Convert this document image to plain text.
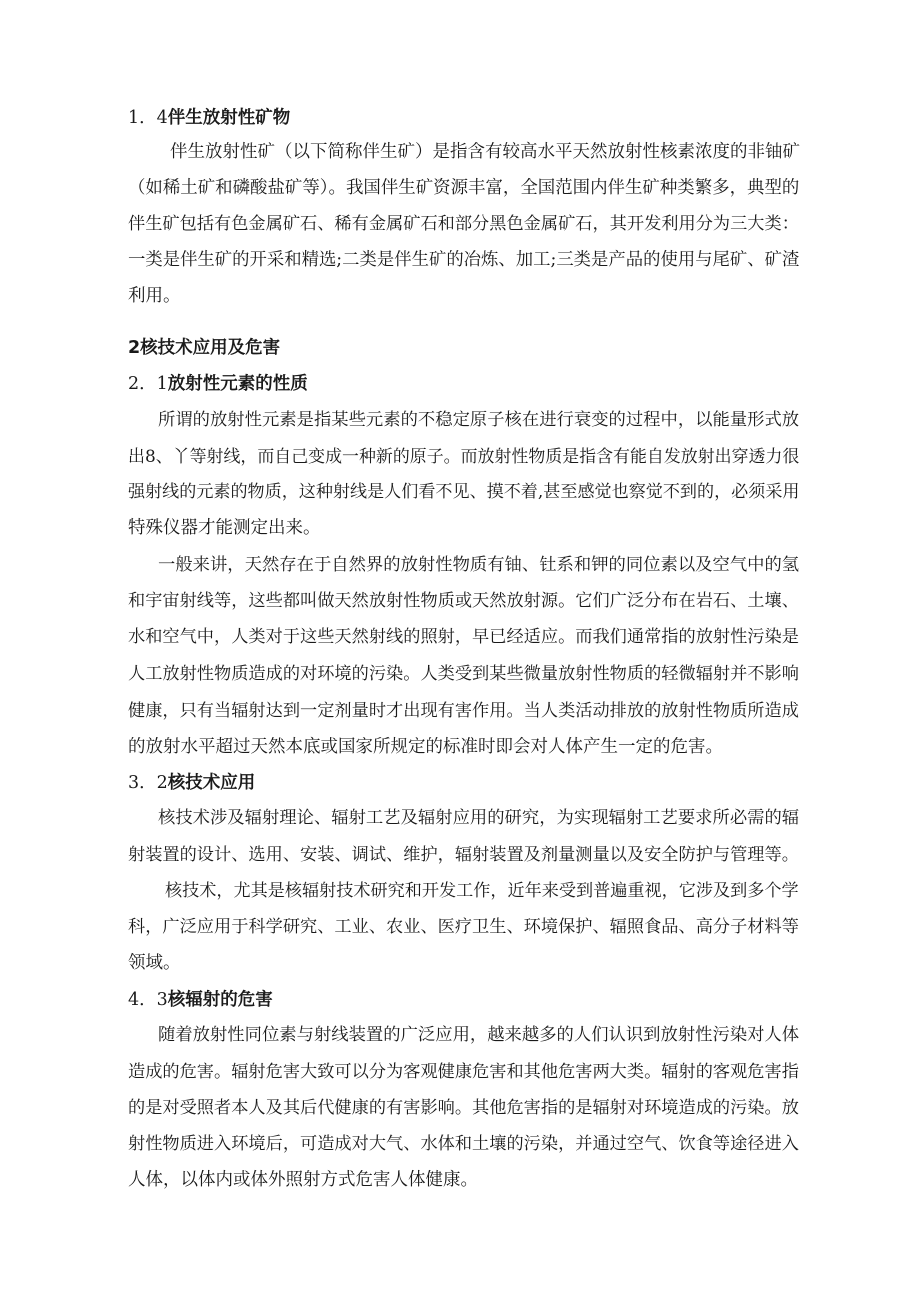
1．4伴生放射性矿物
伴生放射性矿（以下简称伴生矿）是指含有较高水平天然放射性核素浓度的非铀矿
（如稀土矿和磷酸盐矿等）。我国伴生矿资源丰富，全国范围内伴生矿种类繁多，典型的
伴生矿包括有色金属矿石、稀有金属矿石和部分黑色金属矿石，其开发利用分为三大类：
一类是伴生矿的开采和精选;二类是伴生矿的冶炼、加工;三类是产品的使用与尾矿、矿渣
利用。
2核技术应用及危害
2．1放射性元素的性质
所谓的放射性元素是指某些元素的不稳定原子核在进行衰变的过程中，以能量形式放
出8、丫等射线，而自己变成一种新的原子。而放射性物质是指含有能自发放射出穿透力很
强射线的元素的物质，这种射线是人们看不见、摸不着,甚至感觉也察觉不到的，必须采用
特殊仪器才能测定出来。
一般来讲，天然存在于自然界的放射性物质有铀、钍系和钾的同位素以及空气中的氢
和宇宙射线等，这些都叫做天然放射性物质或天然放射源。它们广泛分布在岩石、土壤、
水和空气中，人类对于这些天然射线的照射，早已经适应。而我们通常指的放射性污染是
人工放射性物质造成的对环境的污染。人类受到某些微量放射性物质的轻微辐射并不影响
健康，只有当辐射达到一定剂量时才出现有害作用。当人类活动排放的放射性物质所造成
的放射水平超过天然本底或国家所规定的标准时即会对人体产生一定的危害。
3．2核技术应用
核技术涉及辐射理论、辐射工艺及辐射应用的研究，为实现辐射工艺要求所必需的辐
射装置的设计、选用、安装、调试、维护，辐射装置及剂量测量以及安全防护与管理等。
核技术，尤其是核辐射技术研究和开发工作，近年来受到普遍重视，它涉及到多个学
科，广泛应用于科学研究、工业、农业、医疗卫生、环境保护、辐照食品、高分子材料等
领域。
4．3核辐射的危害
随着放射性同位素与射线装置的广泛应用，越来越多的人们认识到放射性污染对人体
造成的危害。辐射危害大致可以分为客观健康危害和其他危害两大类。辐射的客观危害指
的是对受照者本人及其后代健康的有害影响。其他危害指的是辐射对环境造成的污染。放
射性物质进入环境后，可造成对大气、水体和土壤的污染，并通过空气、饮食等途径进入
人体，以体内或体外照射方式危害人体健康。
